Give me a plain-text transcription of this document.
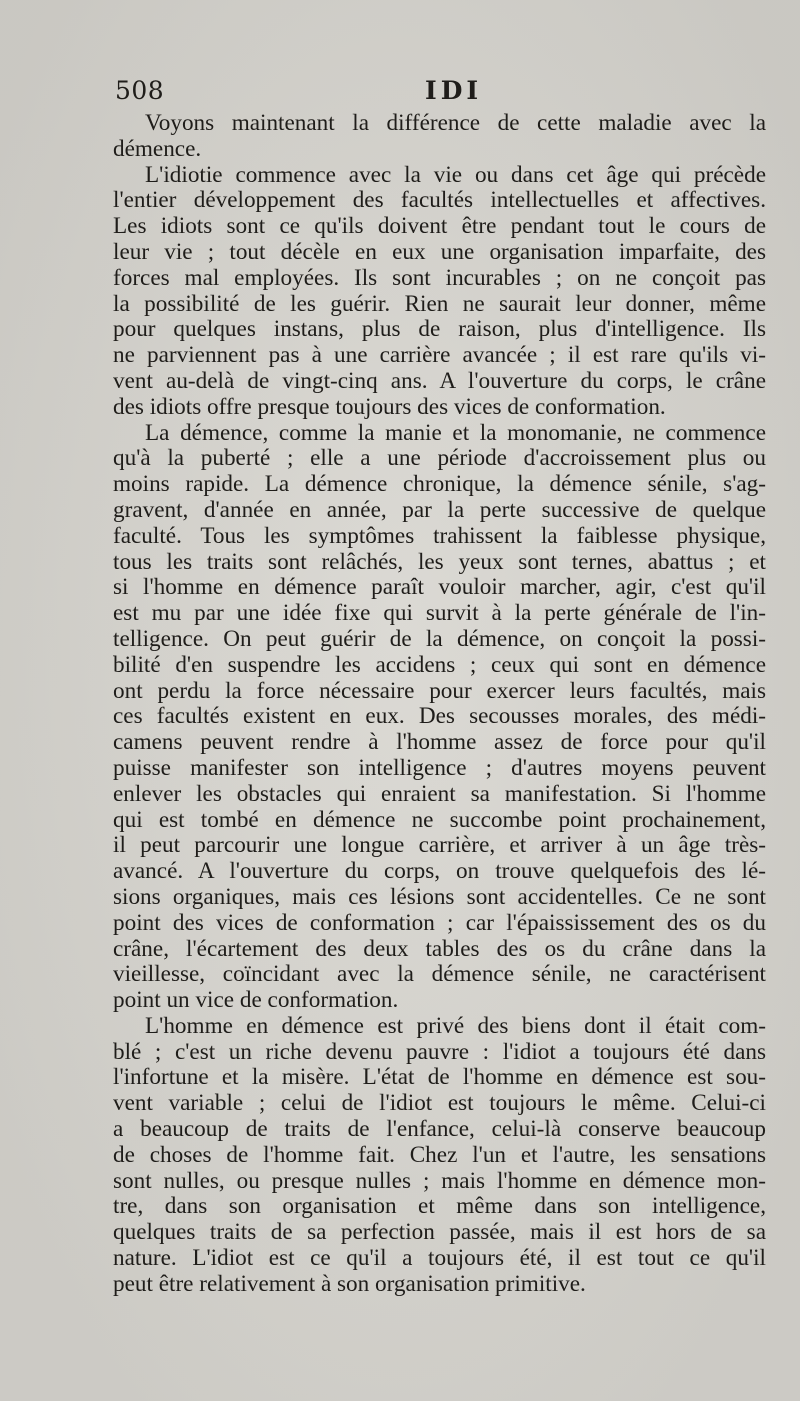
508	IDI
Voyons maintenant la différence de cette maladie avec la
démence.
L'idiotie commence avec la vie ou dans cet âge qui précède
l'entier développement des facultés intellectuelles et affectives.
Les idiots sont ce qu'ils doivent être pendant tout le cours de
leur vie ; tout décèle en eux une organisation imparfaite, des
forces mal employées. Ils sont incurables ; on ne conçoit pas
la possibilité de les guérir. Rien ne saurait leur donner, même
pour quelques instans, plus de raison, plus d'intelligence. Ils
ne parviennent pas à une carrière avancée ; il est rare qu'ils vi-
vent au-delà de vingt-cinq ans. A l'ouverture du corps, le crâne
des idiots offre presque toujours des vices de conformation.
La démence, comme la manie et la monomanie, ne commence
qu'à la puberté ; elle a une période d'accroissement plus ou
moins rapide. La démence chronique, la démence sénile, s'ag-
gravent, d'année en année, par la perte successive de quelque
faculté. Tous les symptômes trahissent la faiblesse physique,
tous les traits sont relâchés, les yeux sont ternes, abattus ; et
si l'homme en démence paraît vouloir marcher, agir, c'est qu'il
est mu par une idée fixe qui survit à la perte générale de l'in-
telligence. On peut guérir de la démence, on conçoit la possi-
bilité d'en suspendre les accidens ; ceux qui sont en démence
ont perdu la force nécessaire pour exercer leurs facultés, mais
ces facultés existent en eux. Des secousses morales, des médi-
camens peuvent rendre à l'homme assez de force pour qu'il
puisse manifester son intelligence ; d'autres moyens peuvent
enlever les obstacles qui enraient sa manifestation. Si l'homme
qui est tombé en démence ne succombe point prochainement,
il peut parcourir une longue carrière, et arriver à un âge très-
avancé. A l'ouverture du corps, on trouve quelquefois des lé-
sions organiques, mais ces lésions sont accidentelles. Ce ne sont
point des vices de conformation ; car l'épaississement des os du
crâne, l'écartement des deux tables des os du crâne dans la
vieillesse, coïncidant avec la démence sénile, ne caractérisent
point un vice de conformation.
L'homme en démence est privé des biens dont il était com-
blé ; c'est un riche devenu pauvre : l'idiot a toujours été dans
l'infortune et la misère. L'état de l'homme en démence est sou-
vent variable ; celui de l'idiot est toujours le même. Celui-ci
a beaucoup de traits de l'enfance, celui-là conserve beaucoup
de choses de l'homme fait. Chez l'un et l'autre, les sensations
sont nulles, ou presque nulles ; mais l'homme en démence mon-
tre, dans son organisation et même dans son intelligence,
quelques traits de sa perfection passée, mais il est hors de sa
nature. L'idiot est ce qu'il a toujours été, il est tout ce qu'il
peut être relativement à son organisation primitive.
